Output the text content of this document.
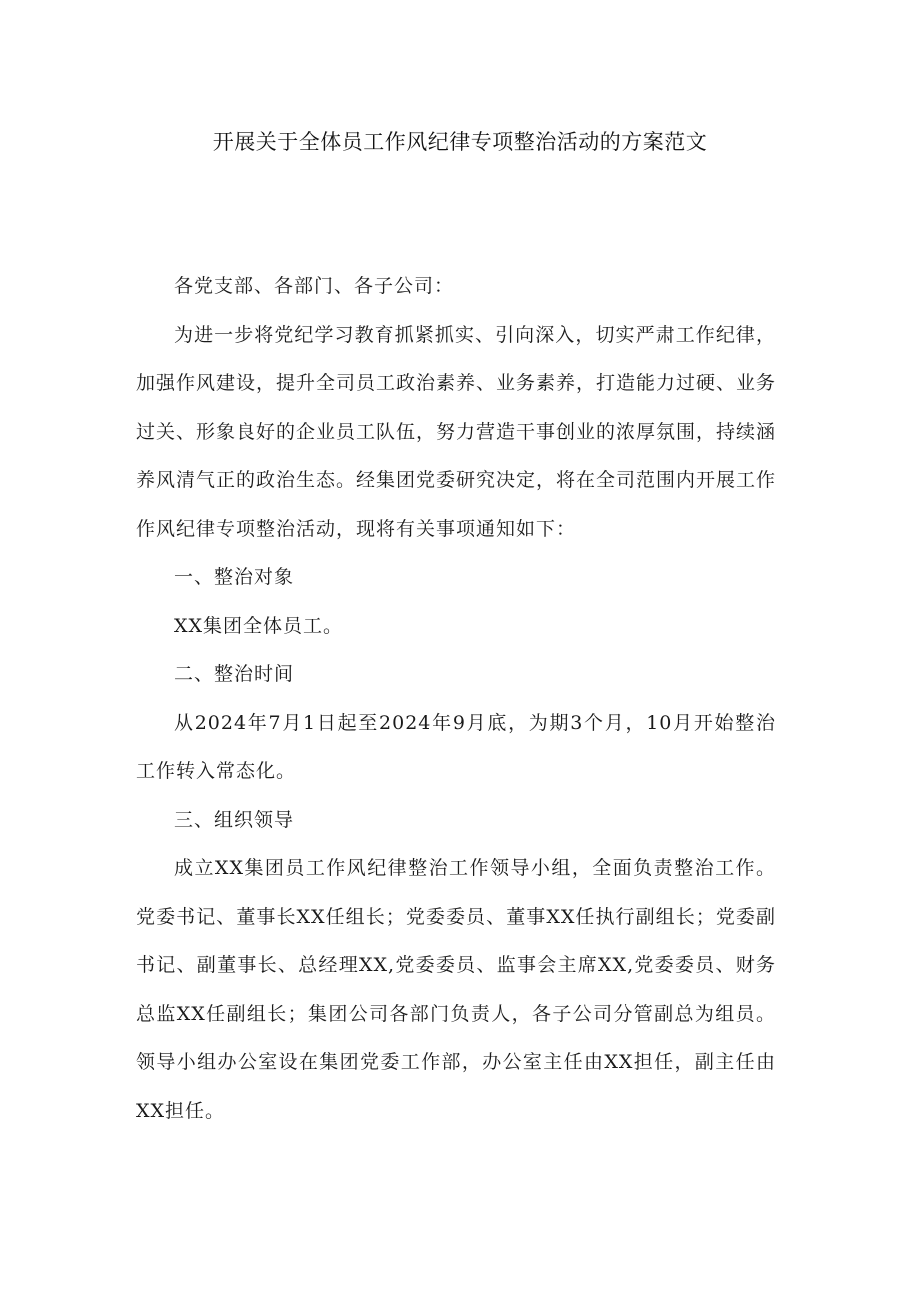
开展关于全体员工作风纪律专项整治活动的方案范文

各党支部、各部门、各子公司：

为进一步将党纪学习教育抓紧抓实、引向深入，切实严肃工作纪律，加强作风建设，提升全司员工政治素养、业务素养，打造能力过硬、业务过关、形象良好的企业员工队伍，努力营造干事创业的浓厚氛围，持续涵养风清气正的政治生态。经集团党委研究决定，将在全司范围内开展工作作风纪律专项整治活动，现将有关事项通知如下：

一、整治对象

XX集团全体员工。

二、整治时间

从2024年7月1日起至2024年9月底，为期3个月，10月开始整治工作转入常态化。

三、组织领导

成立XX集团员工作风纪律整治工作领导小组，全面负责整治工作。党委书记、董事长XX任组长；党委委员、董事XX任执行副组长；党委副书记、副董事长、总经理XX,党委委员、监事会主席XX,党委委员、财务总监XX任副组长；集团公司各部门负责人，各子公司分管副总为组员。领导小组办公室设在集团党委工作部，办公室主任由XX担任，副主任由XX担任。
